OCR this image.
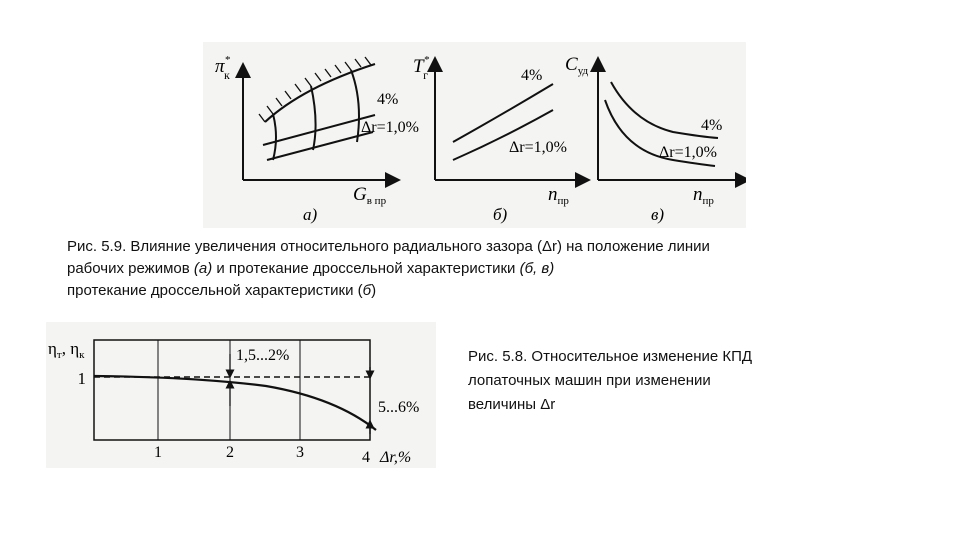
π* к
$G_{в пр}$
4%
Δr=1,0%
а)
T* г
$n_{пр}$
4%
Δr=1,0%
б)
$C_{уд}$
$n_{пр}$
4%
Δr=1,0%
в)
Рис. 5.9. Влияние увеличения относительного радиального зазора (Δr) на положение линии
рабочих режимов (а) и протекание дроссельной характеристики (б, в)
протекание дроссельной характеристики (б)
$\eta_т$, $\eta_к$
1
1	2	3	4 Δr,%
1,5...2%
5...6%
Рис. 5.8. Относительное изменение КПД
лопаточных машин при изменении
величины Δr
